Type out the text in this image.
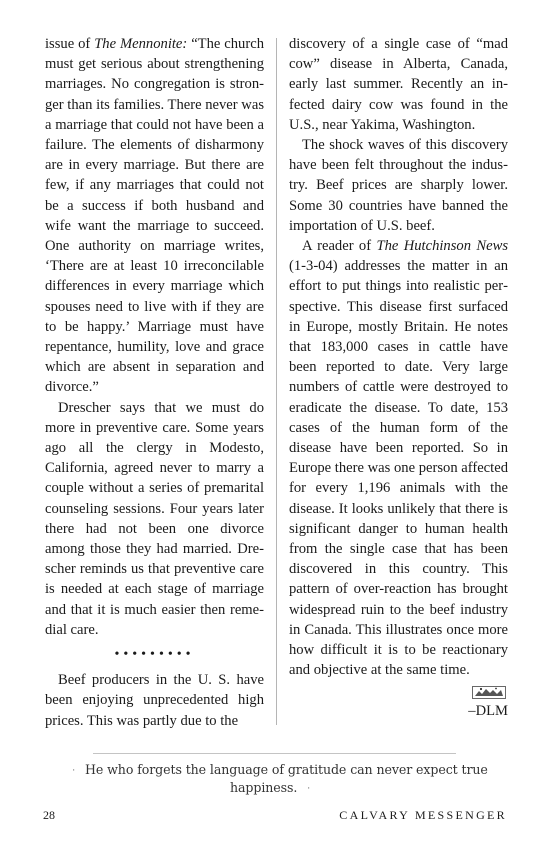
issue of The Mennonite: “The church must get serious about strengthening marriages. No congregation is stronger than its families. There never was a marriage that could not have been a failure. The elements of disharmony are in every marriage. But there are few, if any marriages that could not be a success if both husband and wife want the marriage to succeed. One authority on marriage writes, ‘There are at least 10 irreconcilable differences in every marriage which spouses need to live with if they are to be happy.’ Marriage must have repentance, humility, love and grace which are absent in separation and divorce.”

Drescher says that we must do more in preventive care. Some years ago all the clergy in Modesto, California, agreed never to marry a couple without a series of premarital counseling sessions. Four years later there had not been one divorce among those they had married. Drescher reminds us that preventive care is needed at each stage of marriage and that it is much easier then remedial care.

•••••••••

Beef producers in the U. S. have been enjoying unprecedented high prices. This was partly due to the

discovery of a single case of “mad cow” disease in Alberta, Canada, early last summer. Recently an infected dairy cow was found in the U.S., near Yakima, Washington.

The shock waves of this discovery have been felt throughout the industry. Beef prices are sharply lower. Some 30 countries have banned the importation of U.S. beef.

A reader of The Hutchinson News (1-3-04) addresses the matter in an effort to put things into realistic perspective. This disease first surfaced in Europe, mostly Britain. He notes that 183,000 cases in cattle have been reported to date. Very large numbers of cattle were destroyed to eradicate the disease. To date, 153 cases of the human form of the disease have been reported. So in Europe there was one person affected for every 1,196 animals with the disease. It looks unlikely that there is significant danger to human health from the single case that has been discovered in this country. This pattern of over-reaction has brought widespread ruin to the beef industry in Canada. This illustrates once more how difficult it is to be reactionary and objective at the same time.

–DLM

· He who forgets the language of gratitude can never expect true happiness. ·
28	CALVARY MESSENGER
